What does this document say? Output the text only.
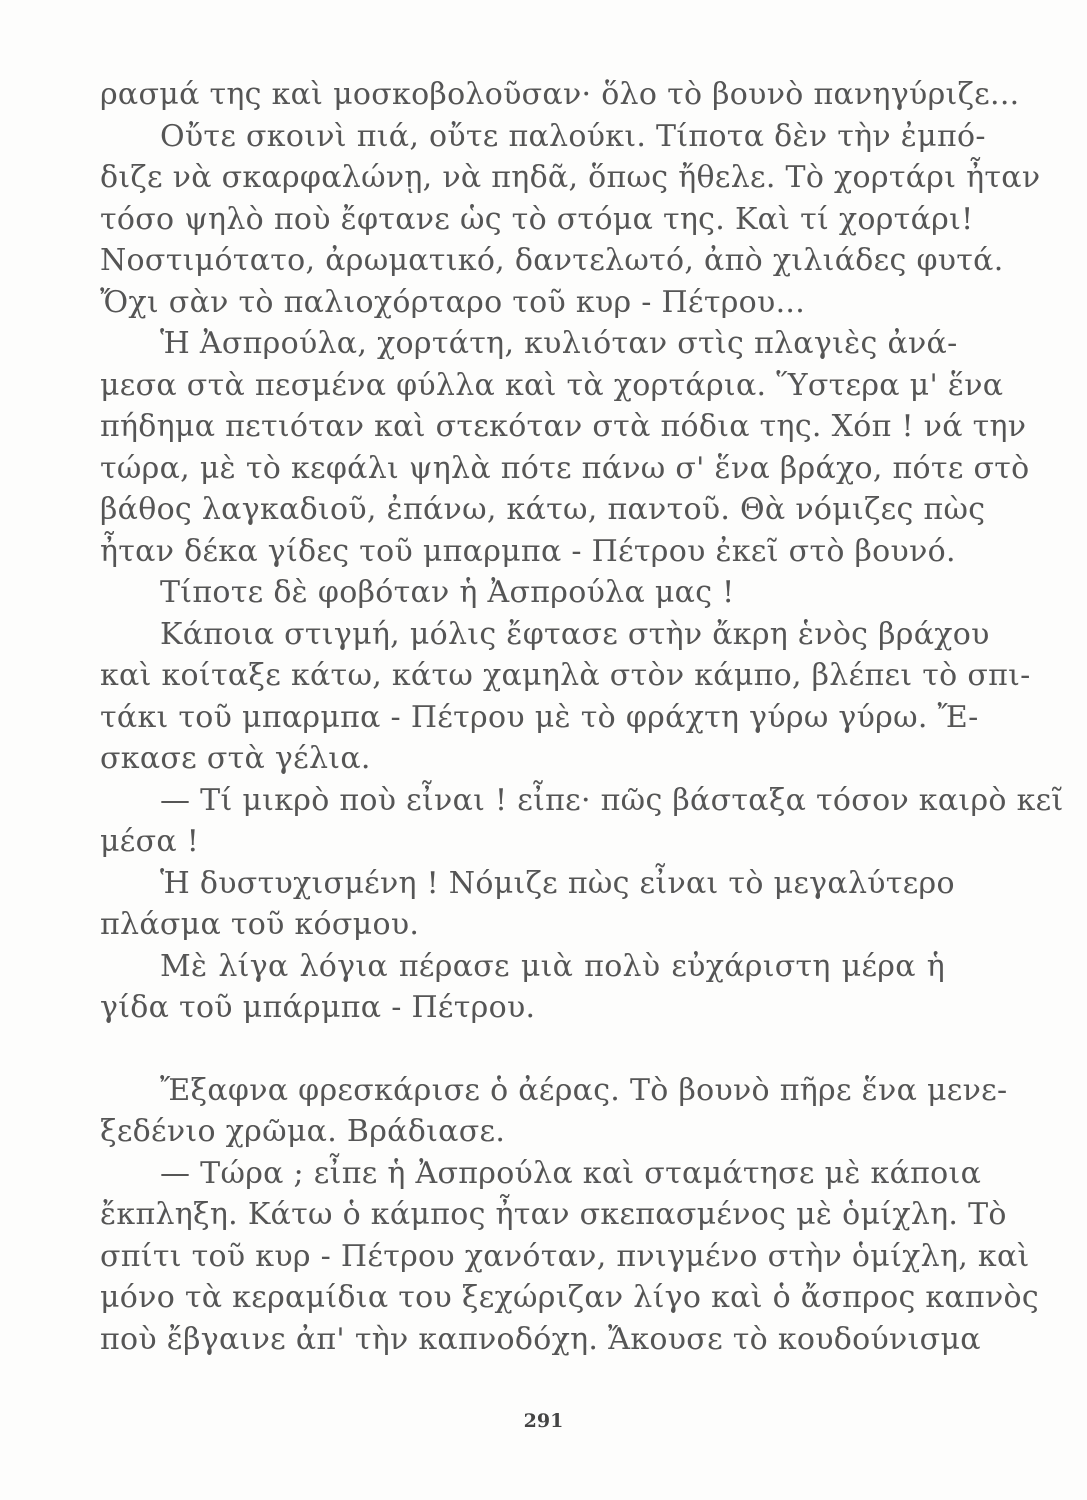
ρασμά της καὶ μοσκοβολοῦσαν· ὅλο τὸ βουνὸ πανηγύριζε...
Οὔτε σκοινὶ πιά, οὔτε παλούκι. Τίποτα δὲν τὴν ἐμπό-
διζε νὰ σκαρφαλώνῃ, νὰ πηδᾶ, ὅπως ἤθελε. Τὸ χορτάρι ἦταν
τόσο ψηλὸ ποὺ ἔφτανε ὡς τὸ στόμα της. Καὶ τί χορτάρι!
Νοστιμότατο, ἀρωματικό, δαντελωτό, ἀπὸ χιλιάδες φυτά.
Ὄχι σὰν τὸ παλιοχόρταρο τοῦ κυρ - Πέτρου...
Ἡ Ἀσπρούλα, χορτάτη, κυλιόταν στὶς πλαγιὲς ἀνά-
μεσα στὰ πεσμένα φύλλα καὶ τὰ χορτάρια. Ὕστερα μ' ἕνα
πήδημα πετιόταν καὶ στεκόταν στὰ πόδια της. Χόπ ! νά την
τώρα, μὲ τὸ κεφάλι ψηλὰ πότε πάνω σ' ἕνα βράχο, πότε στὸ
βάθος λαγκαδιοῦ, ἐπάνω, κάτω, παντοῦ. Θὰ νόμιζες πὼς
ἦταν δέκα γίδες τοῦ μπαρμπα - Πέτρου ἐκεῖ στὸ βουνό.
Τίποτε δὲ φοβόταν ἡ Ἀσπρούλα μας !
Κάποια στιγμή, μόλις ἔφτασε στὴν ἄκρη ἑνὸς βράχου
καὶ κοίταξε κάτω, κάτω χαμηλὰ στὸν κάμπο, βλέπει τὸ σπι-
τάκι τοῦ μπαρμπα - Πέτρου μὲ τὸ φράχτη γύρω γύρω. Ἔ-
σκασε στὰ γέλια.
— Τί μικρὸ ποὺ εἶναι ! εἶπε· πῶς βάσταξα τόσον καιρὸ κεῖ
μέσα !
Ἡ δυστυχισμένη ! Νόμιζε πὼς εἶναι τὸ μεγαλύτερο
πλάσμα τοῦ κόσμου.
Μὲ λίγα λόγια πέρασε μιὰ πολὺ εὐχάριστη μέρα ἡ
γίδα τοῦ μπάρμπα - Πέτρου.
Ἔξαφνα φρεσκάρισε ὁ ἀέρας. Τὸ βουνὸ πῆρε ἕνα μενε-
ξεδένιο χρῶμα. Βράδιασε.
— Τώρα ; εἶπε ἡ Ἀσπρούλα καὶ σταμάτησε μὲ κάποια
ἔκπληξη. Κάτω ὁ κάμπος ἦταν σκεπασμένος μὲ ὁμίχλη. Τὸ
σπίτι τοῦ κυρ - Πέτρου χανόταν, πνιγμένο στὴν ὁμίχλη, καὶ
μόνο τὰ κεραμίδια του ξεχώριζαν λίγο καὶ ὁ ἄσπρος καπνὸς
ποὺ ἔβγαινε ἀπ' τὴν καπνοδόχη. Ἄκουσε τὸ κουδούνισμα
291
